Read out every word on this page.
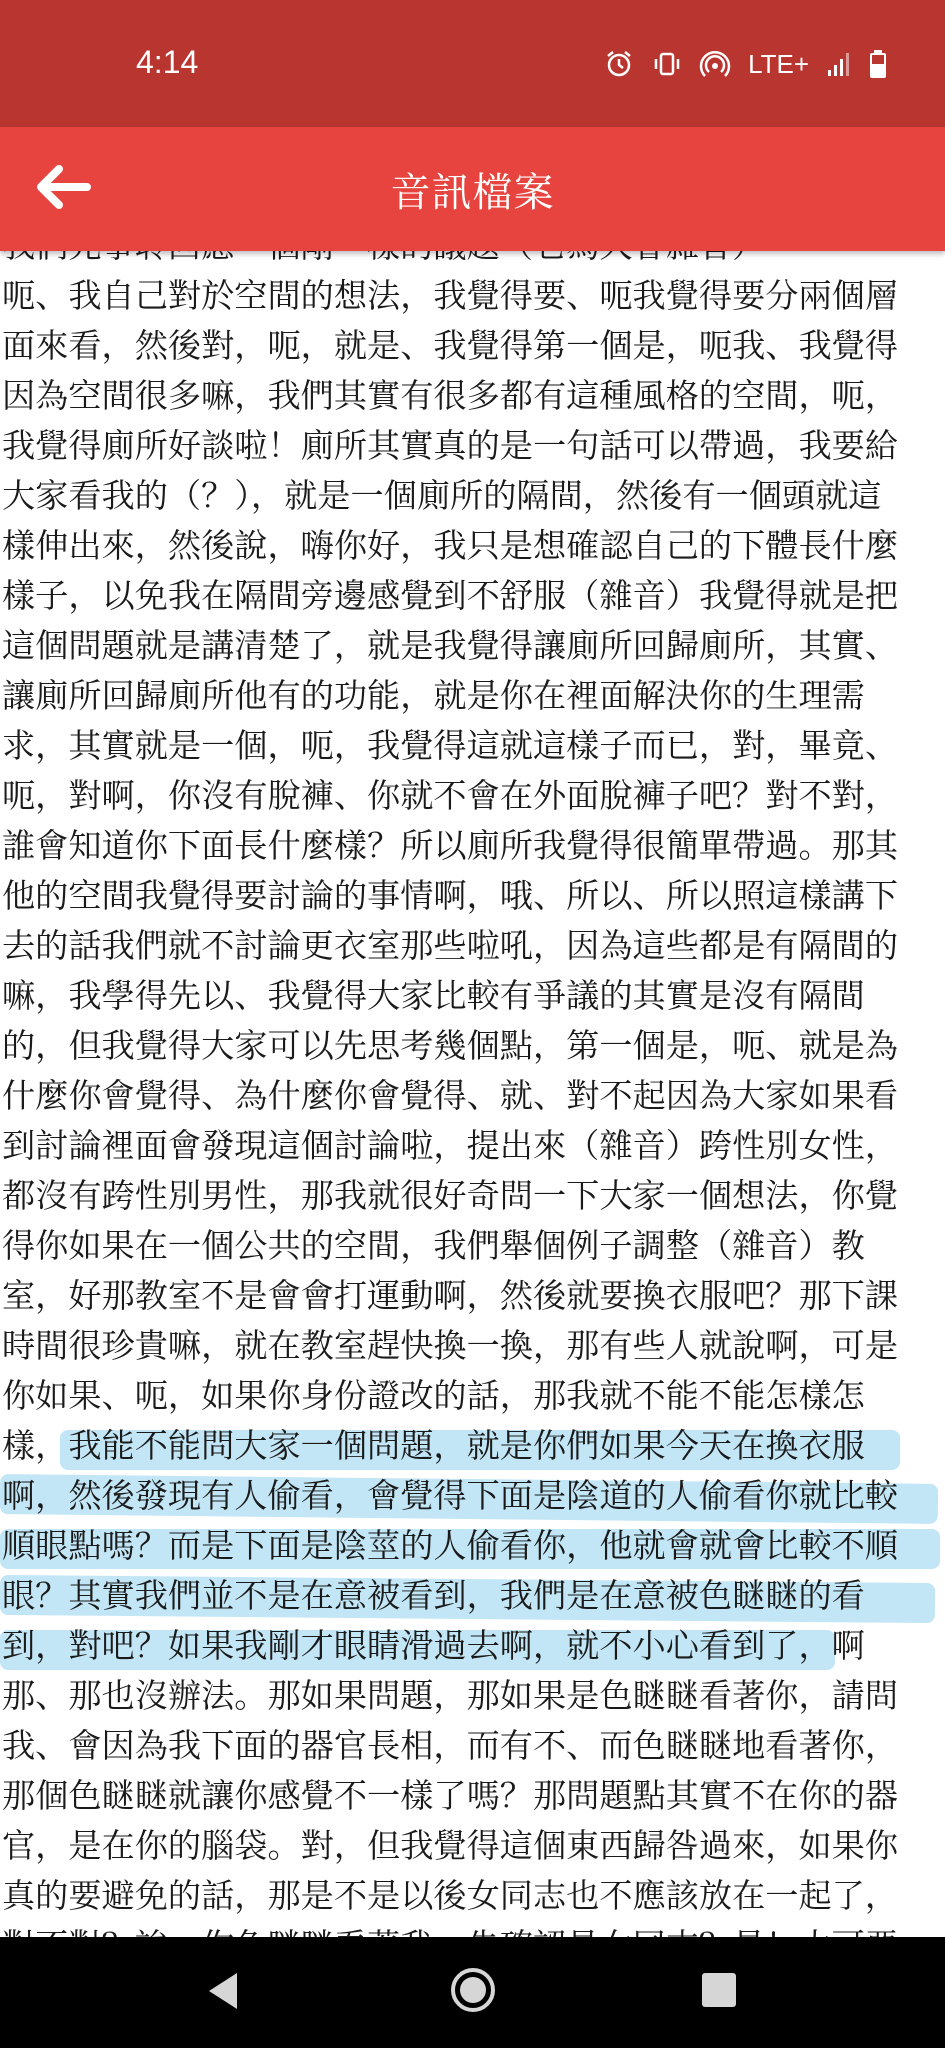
4:14	LTE+
音訊檔案
呃、我自己對於空間的想法，我覺得要、呃我覺得要分兩個層
面來看，然後對，呃，就是、我覺得第一個是，呃我、我覺得
因為空間很多嘛，我們其實有很多都有這種風格的空間，呃，
我覺得廁所好談啦！廁所其實真的是一句話可以帶過，我要給
大家看我的（？），就是一個廁所的隔間，然後有一個頭就這
樣伸出來，然後說，嗨你好，我只是想確認自己的下體長什麼
樣子，以免我在隔間旁邊感覺到不舒服（雜音）我覺得就是把
這個問題就是講清楚了，就是我覺得讓廁所回歸廁所，其實、
讓廁所回歸廁所他有的功能，就是你在裡面解決你的生理需
求，其實就是一個，呃，我覺得這就這樣子而已，對，畢竟、
呃，對啊，你沒有脫褲、你就不會在外面脫褲子吧？對不對，
誰會知道你下面長什麼樣？所以廁所我覺得很簡單帶過。那其
他的空間我覺得要討論的事情啊，哦、所以、所以照這樣講下
去的話我們就不討論更衣室那些啦吼，因為這些都是有隔間的
嘛，我學得先以、我覺得大家比較有爭議的其實是沒有隔間
的，但我覺得大家可以先思考幾個點，第一個是，呃、就是為
什麼你會覺得、為什麼你會覺得、就、對不起因為大家如果看
到討論裡面會發現這個討論啦，提出來（雜音）跨性別女性，
都沒有跨性別男性，那我就很好奇問一下大家一個想法，你覺
得你如果在一個公共的空間，我們舉個例子調整（雜音）教
室，好那教室不是會會打運動啊，然後就要換衣服吧？那下課
時間很珍貴嘛，就在教室趕快換一換，那有些人就說啊，可是
你如果、呃，如果你身份證改的話，那我就不能不能怎樣怎
樣，我能不能問大家一個問題，就是你們如果今天在換衣服
啊，然後發現有人偷看，會覺得下面是陰道的人偷看你就比較
順眼點嗎？而是下面是陰莖的人偷看你，他就會就會比較不順
眼？其實我們並不是在意被看到，我們是在意被色瞇瞇的看
到，對吧？如果我剛才眼睛滑過去啊，就不小心看到了，啊
那、那也沒辦法。那如果問題，那如果是色瞇瞇看著你，請問
我、會因為我下面的器官長相，而有不、而色瞇瞇地看著你，
那個色瞇瞇就讓你感覺不一樣了嗎？那問題點其實不在你的器
官，是在你的腦袋。對，但我覺得這個東西歸咎過來，如果你
真的要避免的話，那是不是以後女同志也不應該放在一起了，
